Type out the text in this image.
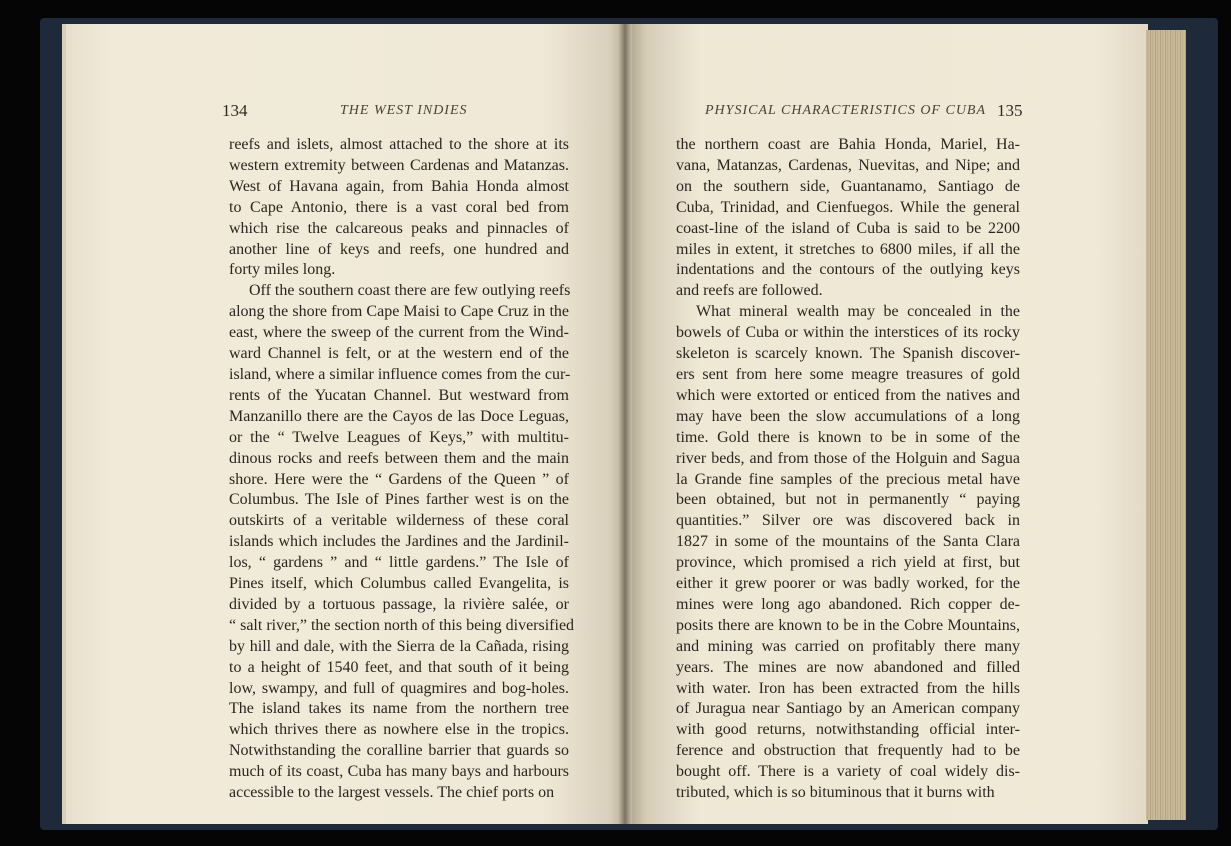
134	THE WEST INDIES	PHYSICAL CHARACTERISTICS OF CUBA 135
reefs and islets, almost attached to the shore at its
western extremity between Cardenas and Matanzas.
West of Havana again, from Bahia Honda almost
to Cape Antonio, there is a vast coral bed from
which rise the calcareous peaks and pinnacles of
another line of keys and reefs, one hundred and
forty miles long.
Off the southern coast there are few outlying reefs
along the shore from Cape Maisi to Cape Cruz in the
east, where the sweep of the current from the Wind-
ward Channel is felt, or at the western end of the
island, where a similar influence comes from the cur-
rents of the Yucatan Channel. But westward from
Manzanillo there are the Cayos de las Doce Leguas,
or the “ Twelve Leagues of Keys,” with multitu-
dinous rocks and reefs between them and the main
shore. Here were the “ Gardens of the Queen ” of
Columbus. The Isle of Pines farther west is on the
outskirts of a veritable wilderness of these coral
islands which includes the Jardines and the Jardinil-
los, “ gardens ” and “ little gardens.” The Isle of
Pines itself, which Columbus called Evangelita, is
divided by a tortuous passage, la rivière salée, or
“ salt river,” the section north of this being diversified
by hill and dale, with the Sierra de la Cañada, rising
to a height of 1540 feet, and that south of it being
low, swampy, and full of quagmires and bog-holes.
The island takes its name from the northern tree
which thrives there as nowhere else in the tropics.
Notwithstanding the coralline barrier that guards so
much of its coast, Cuba has many bays and harbours
accessible to the largest vessels. The chief ports on
the northern coast are Bahia Honda, Mariel, Ha-
vana, Matanzas, Cardenas, Nuevitas, and Nipe; and
on the southern side, Guantanamo, Santiago de
Cuba, Trinidad, and Cienfuegos. While the general
coast-line of the island of Cuba is said to be 2200
miles in extent, it stretches to 6800 miles, if all the
indentations and the contours of the outlying keys
and reefs are followed.
What mineral wealth may be concealed in the
bowels of Cuba or within the interstices of its rocky
skeleton is scarcely known. The Spanish discover-
ers sent from here some meagre treasures of gold
which were extorted or enticed from the natives and
may have been the slow accumulations of a long
time. Gold there is known to be in some of the
river beds, and from those of the Holguin and Sagua
la Grande fine samples of the precious metal have
been obtained, but not in permanently “ paying
quantities.” Silver ore was discovered back in
1827 in some of the mountains of the Santa Clara
province, which promised a rich yield at first, but
either it grew poorer or was badly worked, for the
mines were long ago abandoned. Rich copper de-
posits there are known to be in the Cobre Mountains,
and mining was carried on profitably there many
years. The mines are now abandoned and filled
with water. Iron has been extracted from the hills
of Juragua near Santiago by an American company
with good returns, notwithstanding official inter-
ference and obstruction that frequently had to be
bought off. There is a variety of coal widely dis-
tributed, which is so bituminous that it burns with
